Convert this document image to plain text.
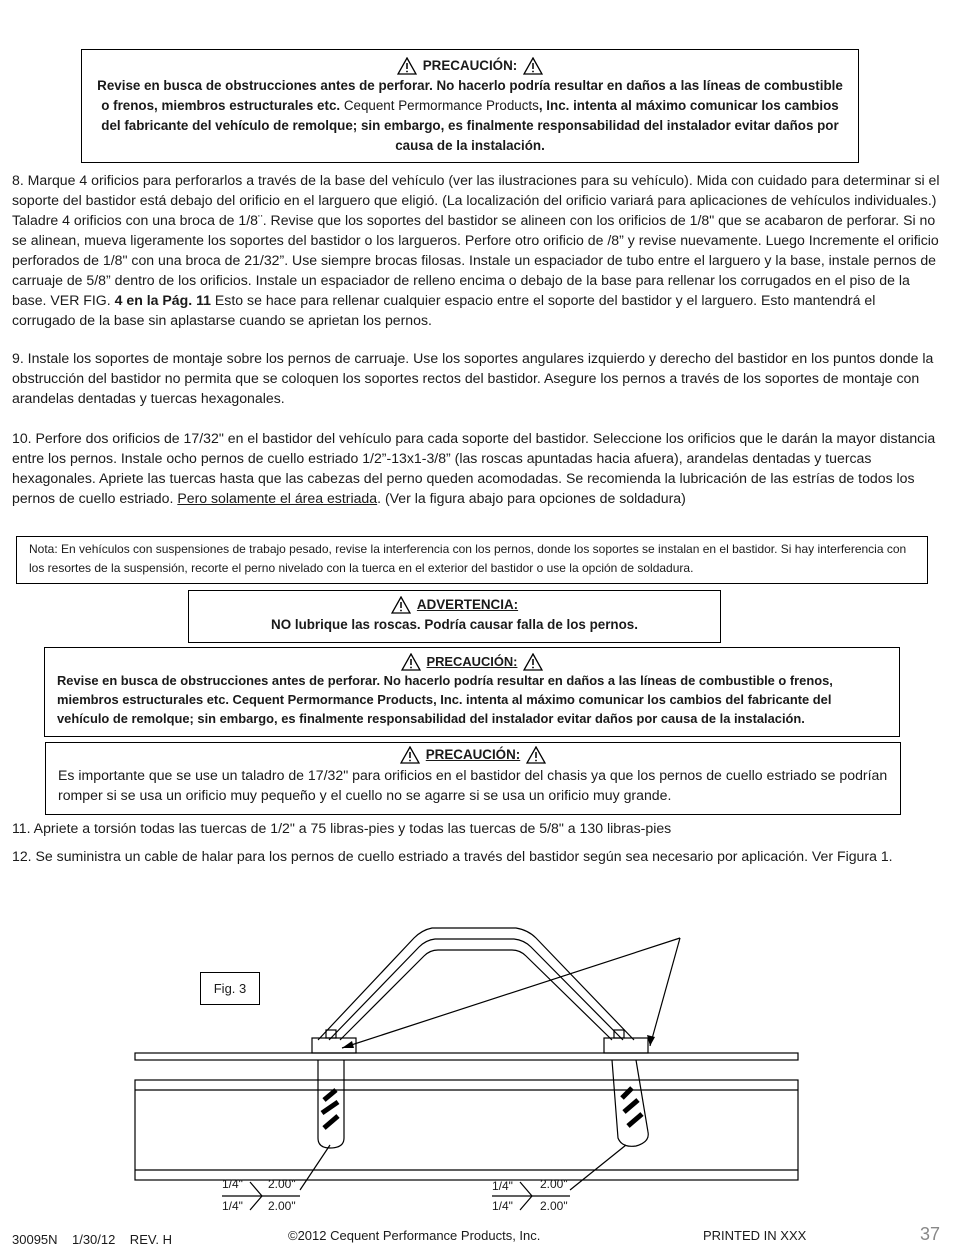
PRECAUCIÓN:
Revise en busca de obstrucciones antes de perforar. No hacerlo podría resultar en daños a las líneas de combustible o frenos, miembros estructurales etc. Cequent Permormance Products, Inc. intenta al máximo comunicar los cambios del fabricante del vehículo de remolque; sin embargo, es finalmente responsabilidad del instalador evitar daños por causa de la instalación.

8. Marque 4 orificios para perforarlos a través de la base del vehículo (ver las ilustraciones para su vehículo). Mida con cuidado para determinar si el soporte del bastidor está debajo del orificio en el larguero que eligió. (La localización del orificio variará para aplicaciones de vehículos individuales.) Taladre 4 orificios con una broca de 1/8¨. Revise que los soportes del bastidor se alineen con los orificios de 1/8" que se acabaron de perforar. Si no se alinean, mueva ligeramente los soportes del bastidor o los largueros. Perfore otro orificio de /8” y revise nuevamente. Luego Incremente el orificio perforados de 1/8" con una broca de 21/32”. Use siempre brocas filosas. Instale un espaciador de tubo entre el larguero y la base, instale pernos de carruaje de 5/8” dentro de los orificios. Instale un espaciador de relleno encima o debajo de la base para rellenar los corrugados en el piso de la base. VER FIG. 4 en la Pág. 11 Esto se hace para rellenar cualquier espacio entre el soporte del bastidor y el larguero. Esto mantendrá el corrugado de la base sin aplastarse cuando se aprietan los pernos.

9. Instale los soportes de montaje sobre los pernos de carruaje. Use los soportes angulares izquierdo y derecho del bastidor en los puntos donde la obstrucción del bastidor no permita que se coloquen los soportes rectos del bastidor. Asegure los pernos a través de los soportes de montaje con arandelas dentadas y tuercas hexagonales.

10. Perfore dos orificios de 17/32" en el bastidor del vehículo para cada soporte del bastidor. Seleccione los orificios que le darán la mayor distancia entre los pernos. Instale ocho pernos de cuello estriado 1/2”-13x1-3/8” (las roscas apuntadas hacia afuera), arandelas dentadas y tuercas hexagonales. Apriete las tuercas hasta que las cabezas del perno queden acomodadas. Se recomienda la lubricación de las estrías de todos los pernos de cuello estriado. Pero solamente el área estriada. (Ver la figura abajo para opciones de soldadura)

Nota: En vehículos con suspensiones de trabajo pesado, revise la interferencia con los pernos, donde los soportes se instalan en el bastidor. Si hay interferencia con los resortes de la suspensión, recorte el perno nivelado con la tuerca en el exterior del bastidor o use la opción de soldadura.
ADVERTENCIA:
NO lubrique las roscas. Podría causar falla de los pernos.
PRECAUCIÓN:
Revise en busca de obstrucciones antes de perforar. No hacerlo podría resultar en daños a las líneas de combustible o frenos, miembros estructurales etc. Cequent Permormance Products, Inc. intenta al máximo comunicar los cambios del fabricante del vehículo de remolque; sin embargo, es finalmente responsabilidad del instalador evitar daños por causa de la instalación.
PRECAUCIÓN:
Es importante que se use un taladro de 17/32" para orificios en el bastidor del chasis ya que los pernos de cuello estriado se podrían romper si se usa un orificio muy pequeño y el cuello no se agarre si se usa un orificio muy grande.

11. Apriete a torsión todas las tuercas de 1/2" a 75 libras-pies y todas las tuercas de 5/8" a 130 libras-pies

12. Se suministra un cable de halar para los pernos de cuello estriado a través del bastidor según sea necesario por aplicación. Ver Figura 1.

1/4" 2.00"
1/4" 2.00"
1/4" 2.00"
1/4" 2.00"
Fig. 3
30095N    1/30/12    REV. H	©2012 Cequent Performance Products, Inc.	PRINTED IN XXX	37
